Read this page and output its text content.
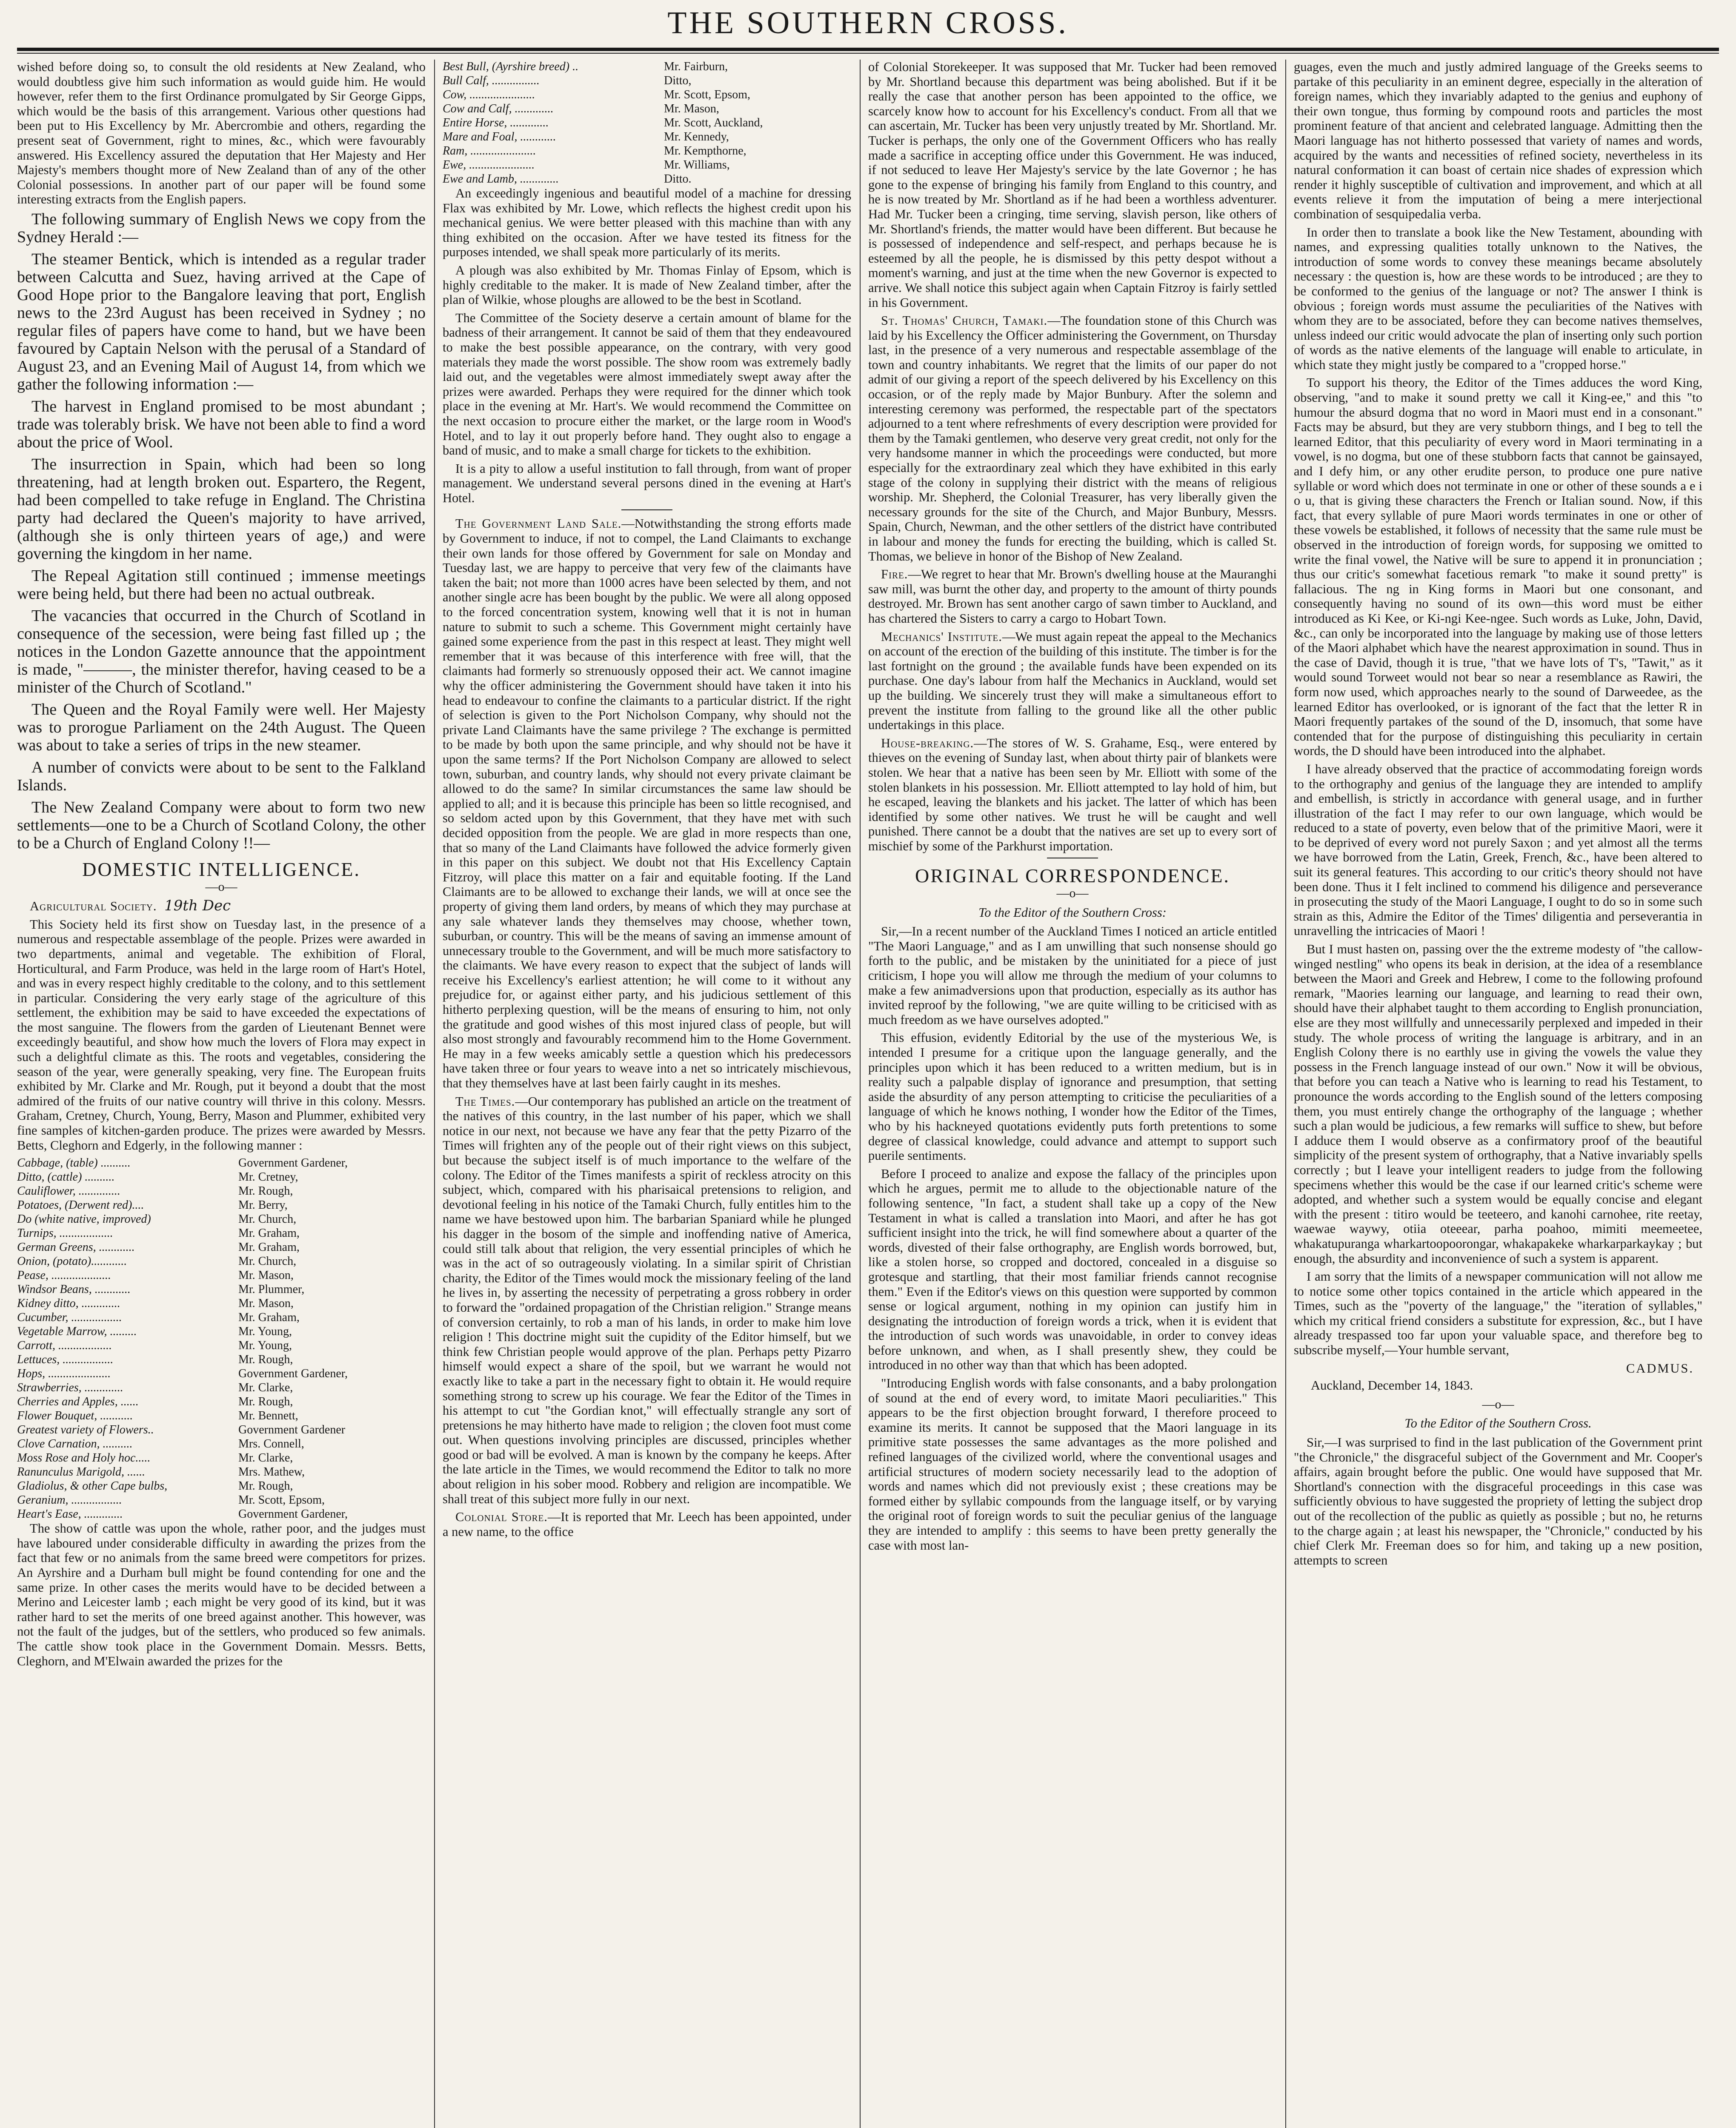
THE SOUTHERN CROSS.

wished before doing so, to consult the old residents at New Zealand, who would doubtless give him such information as would guide him. He would however, refer them to the first Ordinance promulgated by Sir George Gipps, which would be the basis of this arrangement. Various other questions had been put to His Excellency by Mr. Abercrombie and others, regarding the present seat of Government, right to mines, &c., which were favourably answered. His Excellency assured the deputation that Her Majesty and Her Majesty's members thought more of New Zealand than of any of the other Colonial possessions. In another part of our paper will be found some interesting extracts from the English papers.

The following summary of English News we copy from the Sydney Herald :—

The steamer Bentick, which is intended as a regular trader between Calcutta and Suez, having arrived at the Cape of Good Hope prior to the Bangalore leaving that port, English news to the 23rd August has been received in Sydney ; no regular files of papers have come to hand, but we have been favoured by Captain Nelson with the perusal of a Standard of August 23, and an Evening Mail of August 14, from which we gather the following information :—

The harvest in England promised to be most abundant ; trade was tolerably brisk. We have not been able to find a word about the price of Wool.

The insurrection in Spain, which had been so long threatening, had at length broken out. Espartero, the Regent, had been compelled to take refuge in England. The Christina party had declared the Queen's majority to have arrived, (although she is only thirteen years of age,) and were governing the kingdom in her name.

The Repeal Agitation still continued ; immense meetings were being held, but there had been no actual outbreak.

The vacancies that occurred in the Church of Scotland in consequence of the secession, were being fast filled up ; the notices in the London Gazette announce that the appointment is made, "———, the minister therefor, having ceased to be a minister of the Church of Scotland."

The Queen and the Royal Family were well. Her Majesty was to prorogue Parliament on the 24th August. The Queen was about to take a series of trips in the new steamer.

A number of convicts were about to be sent to the Falkland Islands.

The New Zealand Company were about to form two new settlements—one to be a Church of Scotland Colony, the other to be a Church of England Colony !!—

DOMESTIC INTELLIGENCE.
—o—

Agricultural Society. 19th Dec

This Society held its first show on Tuesday last, in the presence of a numerous and respectable assemblage of the people. Prizes were awarded in two departments, animal and vegetable. The exhibition of Floral, Horticultural, and Farm Produce, was held in the large room of Hart's Hotel, and was in every respect highly creditable to the colony, and to this settlement in particular. Considering the very early stage of the agriculture of this settlement, the exhibition may be said to have exceeded the expectations of the most sanguine. The flowers from the garden of Lieutenant Bennet were exceedingly beautiful, and show how much the lovers of Flora may expect in such a delightful climate as this. The roots and vegetables, considering the season of the year, were generally speaking, very fine. The European fruits exhibited by Mr. Clarke and Mr. Rough, put it beyond a doubt that the most admired of the fruits of our native country will thrive in this colony. Messrs. Graham, Cretney, Church, Young, Berry, Mason and Plummer, exhibited very fine samples of kitchen-garden produce. The prizes were awarded by Messrs. Betts, Cleghorn and Edgerly, in the following manner :

Cabbage, (table) ..........	Government Gardener,
Ditto, (cattle) ..........	Mr. Cretney,
Cauliflower, ..............	Mr. Rough,
Potatoes, (Derwent red)....	Mr. Berry,
Do (white native, improved)	Mr. Church,
Turnips, ..................	Mr. Graham,
German Greens, ............	Mr. Graham,
Onion, (potato)............	Mr. Church,
Pease, ....................	Mr. Mason,
Windsor Beans, ............	Mr. Plummer,
Kidney ditto, .............	Mr. Mason,
Cucumber, .................	Mr. Graham,
Vegetable Marrow, .........	Mr. Young,
Carrott, ..................	Mr. Young,
Lettuces, .................	Mr. Rough,
Hops, .....................	Government Gardener,
Strawberries, .............	Mr. Clarke,
Cherries and Apples, ......	Mr. Rough,
Flower Bouquet, ...........	Mr. Bennett,
Greatest variety of Flowers..	Government Gardener
Clove Carnation, ..........	Mrs. Connell,
Moss Rose and Holy hoc.....	Mr. Clarke,
Ranunculus Marigold, ......	Mrs. Mathew,
Gladiolus, & other Cape bulbs,	Mr. Rough,
Geranium, .................	Mr. Scott, Epsom,
Heart's Ease, .............	Government Gardener,

The show of cattle was upon the whole, rather poor, and the judges must have laboured under considerable difficulty in awarding the prizes from the fact that few or no animals from the same breed were competitors for prizes. An Ayrshire and a Durham bull might be found contending for one and the same prize. In other cases the merits would have to be decided between a Merino and Leicester lamb ; each might be very good of its kind, but it was rather hard to set the merits of one breed against another. This however, was not the fault of the judges, but of the settlers, who produced so few animals. The cattle show took place in the Government Domain. Messrs. Betts, Cleghorn, and M'Elwain awarded the prizes for the

Best Bull, (Ayrshire breed) ..	Mr. Fairburn,
Bull Calf, ................	Ditto,
Cow, ......................	Mr. Scott, Epsom,
Cow and Calf, .............	Mr. Mason,
Entire Horse, .............	Mr. Scott, Auckland,
Mare and Foal, ............	Mr. Kennedy,
Ram, ......................	Mr. Kempthorne,
Ewe, ......................	Mr. Williams,
Ewe and Lamb, .............	Ditto.

An exceedingly ingenious and beautiful model of a machine for dressing Flax was exhibited by Mr. Lowe, which reflects the highest credit upon his mechanical genius. We were better pleased with this machine than with any thing exhibited on the occasion. After we have tested its fitness for the purposes intended, we shall speak more particularly of its merits.

A plough was also exhibited by Mr. Thomas Finlay of Epsom, which is highly creditable to the maker. It is made of New Zealand timber, after the plan of Wilkie, whose ploughs are allowed to be the best in Scotland.

The Committee of the Society deserve a certain amount of blame for the badness of their arrangement. It cannot be said of them that they endeavoured to make the best possible appearance, on the contrary, with very good materials they made the worst possible. The show room was extremely badly laid out, and the vegetables were almost immediately swept away after the prizes were awarded. Perhaps they were required for the dinner which took place in the evening at Mr. Hart's. We would recommend the Committee on the next occasion to procure either the market, or the large room in Wood's Hotel, and to lay it out properly before hand. They ought also to engage a band of music, and to make a small charge for tickets to the exhibition.

It is a pity to allow a useful institution to fall through, from want of proper management. We understand several persons dined in the evening at Hart's Hotel.

The Government Land Sale.—Notwithstanding the strong efforts made by Government to induce, if not to compel, the Land Claimants to exchange their own lands for those offered by Government for sale on Monday and Tuesday last, we are happy to perceive that very few of the claimants have taken the bait; not more than 1000 acres have been selected by them, and not another single acre has been bought by the public. We were all along opposed to the forced concentration system, knowing well that it is not in human nature to submit to such a scheme. This Government might certainly have gained some experience from the past in this respect at least. They might well remember that it was because of this interference with free will, that the claimants had formerly so strenuously opposed their act. We cannot imagine why the officer administering the Government should have taken it into his head to endeavour to confine the claimants to a particular district. If the right of selection is given to the Port Nicholson Company, why should not the private Land Claimants have the same privilege ? The exchange is permitted to be made by both upon the same principle, and why should not be have it upon the same terms? If the Port Nicholson Company are allowed to select town, suburban, and country lands, why should not every private claimant be allowed to do the same? In similar circumstances the same law should be applied to all; and it is because this principle has been so little recognised, and so seldom acted upon by this Government, that they have met with such decided opposition from the people. We are glad in more respects than one, that so many of the Land Claimants have followed the advice formerly given in this paper on this subject. We doubt not that His Excellency Captain Fitzroy, will place this matter on a fair and equitable footing. If the Land Claimants are to be allowed to exchange their lands, we will at once see the property of giving them land orders, by means of which they may purchase at any sale whatever lands they themselves may choose, whether town, suburban, or country. This will be the means of saving an immense amount of unnecessary trouble to the Government, and will be much more satisfactory to the claimants. We have every reason to expect that the subject of lands will receive his Excellency's earliest attention; he will come to it without any prejudice for, or against either party, and his judicious settlement of this hitherto perplexing question, will be the means of ensuring to him, not only the gratitude and good wishes of this most injured class of people, but will also most strongly and favourably recommend him to the Home Government. He may in a few weeks amicably settle a question which his predecessors have taken three or four years to weave into a net so intricately mischievous, that they themselves have at last been fairly caught in its meshes.

The Times.—Our contemporary has published an article on the treatment of the natives of this country, in the last number of his paper, which we shall notice in our next, not because we have any fear that the petty Pizarro of the Times will frighten any of the people out of their right views on this subject, but because the subject itself is of much importance to the welfare of the colony. The Editor of the Times manifests a spirit of reckless atrocity on this subject, which, compared with his pharisaical pretensions to religion, and devotional feeling in his notice of the Tamaki Church, fully entitles him to the name we have bestowed upon him. The barbarian Spaniard while he plunged his dagger in the bosom of the simple and inoffending native of America, could still talk about that religion, the very essential principles of which he was in the act of so outrageously violating. In a similar spirit of Christian charity, the Editor of the Times would mock the missionary feeling of the land he lives in, by asserting the necessity of perpetrating a gross robbery in order to forward the "ordained propagation of the Christian religion." Strange means of conversion certainly, to rob a man of his lands, in order to make him love religion ! This doctrine might suit the cupidity of the Editor himself, but we think few Christian people would approve of the plan. Perhaps petty Pizarro himself would expect a share of the spoil, but we warrant he would not exactly like to take a part in the necessary fight to obtain it. He would require something strong to screw up his courage. We fear the Editor of the Times in his attempt to cut "the Gordian knot," will effectually strangle any sort of pretensions he may hitherto have made to religion ; the cloven foot must come out. When questions involving principles are discussed, principles whether good or bad will be evolved. A man is known by the company he keeps. After the late article in the Times, we would recommend the Editor to talk no more about religion in his sober mood. Robbery and religion are incompatible. We shall treat of this subject more fully in our next.

Colonial Store.—It is reported that Mr. Leech has been appointed, under a new name, to the office

of Colonial Storekeeper. It was supposed that Mr. Tucker had been removed by Mr. Shortland because this department was being abolished. But if it be really the case that another person has been appointed to the office, we scarcely know how to account for his Excellency's conduct. From all that we can ascertain, Mr. Tucker has been very unjustly treated by Mr. Shortland. Mr. Tucker is perhaps, the only one of the Government Officers who has really made a sacrifice in accepting office under this Government. He was induced, if not seduced to leave Her Majesty's service by the late Governor ; he has gone to the expense of bringing his family from England to this country, and he is now treated by Mr. Shortland as if he had been a worthless adventurer. Had Mr. Tucker been a cringing, time serving, slavish person, like others of Mr. Shortland's friends, the matter would have been different. But because he is possessed of independence and self-respect, and perhaps because he is esteemed by all the people, he is dismissed by this petty despot without a moment's warning, and just at the time when the new Governor is expected to arrive. We shall notice this subject again when Captain Fitzroy is fairly settled in his Government.

St. Thomas' Church, Tamaki.—The foundation stone of this Church was laid by his Excellency the Officer administering the Government, on Thursday last, in the presence of a very numerous and respectable assemblage of the town and country inhabitants. We regret that the limits of our paper do not admit of our giving a report of the speech delivered by his Excellency on this occasion, or of the reply made by Major Bunbury. After the solemn and interesting ceremony was performed, the respectable part of the spectators adjourned to a tent where refreshments of every description were provided for them by the Tamaki gentlemen, who deserve very great credit, not only for the very handsome manner in which the proceedings were conducted, but more especially for the extraordinary zeal which they have exhibited in this early stage of the colony in supplying their district with the means of religious worship. Mr. Shepherd, the Colonial Treasurer, has very liberally given the necessary grounds for the site of the Church, and Major Bunbury, Messrs. Spain, Church, Newman, and the other settlers of the district have contributed in labour and money the funds for erecting the building, which is called St. Thomas, we believe in honor of the Bishop of New Zealand.

Fire.—We regret to hear that Mr. Brown's dwelling house at the Mauranghi saw mill, was burnt the other day, and property to the amount of thirty pounds destroyed. Mr. Brown has sent another cargo of sawn timber to Auckland, and has chartered the Sisters to carry a cargo to Hobart Town.

Mechanics' Institute.—We must again repeat the appeal to the Mechanics on account of the erection of the building of this institute. The timber is for the last fortnight on the ground ; the available funds have been expended on its purchase. One day's labour from half the Mechanics in Auckland, would set up the building. We sincerely trust they will make a simultaneous effort to prevent the institute from falling to the ground like all the other public undertakings in this place.

House-breaking.—The stores of W. S. Grahame, Esq., were entered by thieves on the evening of Sunday last, when about thirty pair of blankets were stolen. We hear that a native has been seen by Mr. Elliott with some of the stolen blankets in his possession. Mr. Elliott attempted to lay hold of him, but he escaped, leaving the blankets and his jacket. The latter of which has been identified by some other natives. We trust he will be caught and well punished. There cannot be a doubt that the natives are set up to every sort of mischief by some of the Parkhurst importation.

ORIGINAL CORRESPONDENCE.
—o—
To the Editor of the Southern Cross:

Sir,—In a recent number of the Auckland Times I noticed an article entitled "The Maori Language," and as I am unwilling that such nonsense should go forth to the public, and be mistaken by the uninitiated for a piece of just criticism, I hope you will allow me through the medium of your columns to make a few animadversions upon that production, especially as its author has invited reproof by the following, "we are quite willing to be criticised with as much freedom as we have ourselves adopted."

This effusion, evidently Editorial by the use of the mysterious We, is intended I presume for a critique upon the language generally, and the principles upon which it has been reduced to a written medium, but is in reality such a palpable display of ignorance and presumption, that setting aside the absurdity of any person attempting to criticise the peculiarities of a language of which he knows nothing, I wonder how the Editor of the Times, who by his hackneyed quotations evidently puts forth pretentions to some degree of classical knowledge, could advance and attempt to support such puerile sentiments.

Before I proceed to analize and expose the fallacy of the principles upon which he argues, permit me to allude to the objectionable nature of the following sentence, "In fact, a student shall take up a copy of the New Testament in what is called a translation into Maori, and after he has got sufficient insight into the trick, he will find somewhere about a quarter of the words, divested of their false orthography, are English words borrowed, but, like a stolen horse, so cropped and doctored, concealed in a disguise so grotesque and startling, that their most familiar friends cannot recognise them." Even if the Editor's views on this question were supported by common sense or logical argument, nothing in my opinion can justify him in designating the introduction of foreign words a trick, when it is evident that the introduction of such words was unavoidable, in order to convey ideas before unknown, and when, as I shall presently shew, they could be introduced in no other way than that which has been adopted.

"Introducing English words with false consonants, and a baby prolongation of sound at the end of every word, to imitate Maori peculiarities." This appears to be the first objection brought forward, I therefore proceed to examine its merits. It cannot be supposed that the Maori language in its primitive state possesses the same advantages as the more polished and refined languages of the civilized world, where the conventional usages and artificial structures of modern society necessarily lead to the adoption of words and names which did not previously exist ; these creations may be formed either by syllabic compounds from the language itself, or by varying the original root of foreign words to suit the peculiar genius of the language they are intended to amplify : this seems to have been pretty generally the case with most lan-

guages, even the much and justly admired language of the Greeks seems to partake of this peculiarity in an eminent degree, especially in the alteration of foreign names, which they invariably adapted to the genius and euphony of their own tongue, thus forming by compound roots and particles the most prominent feature of that ancient and celebrated language. Admitting then the Maori language has not hitherto possessed that variety of names and words, acquired by the wants and necessities of refined society, nevertheless in its natural conformation it can boast of certain nice shades of expression which render it highly susceptible of cultivation and improvement, and which at all events relieve it from the imputation of being a mere interjectional combination of sesquipedalia verba.

In order then to translate a book like the New Testament, abounding with names, and expressing qualities totally unknown to the Natives, the introduction of some words to convey these meanings became absolutely necessary : the question is, how are these words to be introduced ; are they to be conformed to the genius of the language or not? The answer I think is obvious ; foreign words must assume the peculiarities of the Natives with whom they are to be associated, before they can become natives themselves, unless indeed our critic would advocate the plan of inserting only such portion of words as the native elements of the language will enable to articulate, in which state they might justly be compared to a "cropped horse."

To support his theory, the Editor of the Times adduces the word King, observing, "and to make it sound pretty we call it King-ee," and this "to humour the absurd dogma that no word in Maori must end in a consonant." Facts may be absurd, but they are very stubborn things, and I beg to tell the learned Editor, that this peculiarity of every word in Maori terminating in a vowel, is no dogma, but one of these stubborn facts that cannot be gainsayed, and I defy him, or any other erudite person, to produce one pure native syllable or word which does not terminate in one or other of these sounds a e i o u, that is giving these characters the French or Italian sound. Now, if this fact, that every syllable of pure Maori words terminates in one or other of these vowels be established, it follows of necessity that the same rule must be observed in the introduction of foreign words, for supposing we omitted to write the final vowel, the Native will be sure to append it in pronunciation ; thus our critic's somewhat facetious remark "to make it sound pretty" is fallacious. The ng in King forms in Maori but one consonant, and consequently having no sound of its own—this word must be either introduced as Ki Kee, or Ki-ngi Kee-ngee. Such words as Luke, John, David, &c., can only be incorporated into the language by making use of those letters of the Maori alphabet which have the nearest approximation in sound. Thus in the case of David, though it is true, "that we have lots of T's, "Tawit," as it would sound Torweet would not bear so near a resemblance as Rawiri, the form now used, which approaches nearly to the sound of Darweedee, as the learned Editor has overlooked, or is ignorant of the fact that the letter R in Maori frequently partakes of the sound of the D, insomuch, that some have contended that for the purpose of distinguishing this peculiarity in certain words, the D should have been introduced into the alphabet.

I have already observed that the practice of accommodating foreign words to the orthography and genius of the language they are intended to amplify and embellish, is strictly in accordance with general usage, and in further illustration of the fact I may refer to our own language, which would be reduced to a state of poverty, even below that of the primitive Maori, were it to be deprived of every word not purely Saxon ; and yet almost all the terms we have borrowed from the Latin, Greek, French, &c., have been altered to suit its general features. This according to our critic's theory should not have been done. Thus it I felt inclined to commend his diligence and perseverance in prosecuting the study of the Maori Language, I ought to do so in some such strain as this, Admire the Editor of the Times' diligentia and perseverantia in unravelling the intricacies of Maori !

But I must hasten on, passing over the the extreme modesty of "the callow-winged nestling" who opens its beak in derision, at the idea of a resemblance between the Maori and Greek and Hebrew, I come to the following profound remark, "Maories learning our language, and learning to read their own, should have their alphabet taught to them according to English pronunciation, else are they most willfully and unnecessarily perplexed and impeded in their study. The whole process of writing the language is arbitrary, and in an English Colony there is no earthly use in giving the vowels the value they possess in the French language instead of our own." Now it will be obvious, that before you can teach a Native who is learning to read his Testament, to pronounce the words according to the English sound of the letters composing them, you must entirely change the orthography of the language ; whether such a plan would be judicious, a few remarks will suffice to shew, but before I adduce them I would observe as a confirmatory proof of the beautiful simplicity of the present system of orthography, that a Native invariably spells correctly ; but I leave your intelligent readers to judge from the following specimens whether this would be the case if our learned critic's scheme were adopted, and whether such a system would be equally concise and elegant with the present : titiro would be teeteero, and kanohi carnohee, rite reetay, waewae waywy, otiia oteeear, parha poahoo, mimiti meemeetee, whakatupuranga wharkartoopoorongar, whakapakeke wharkarparkaykay ; but enough, the absurdity and inconvenience of such a system is apparent.

I am sorry that the limits of a newspaper communication will not allow me to notice some other topics contained in the article which appeared in the Times, such as the "poverty of the language," the "iteration of syllables," which my critical friend considers a substitute for expression, &c., but I have already trespassed too far upon your valuable space, and therefore beg to subscribe myself,—Your humble servant,

CADMUS.
Auckland, December 14, 1843.
—o—
To the Editor of the Southern Cross.

Sir,—I was surprised to find in the last publication of the Government print "the Chronicle," the disgraceful subject of the Government and Mr. Cooper's affairs, again brought before the public. One would have supposed that Mr. Shortland's connection with the disgraceful proceedings in this case was sufficiently obvious to have suggested the propriety of letting the subject drop out of the recollection of the public as quietly as possible ; but no, he returns to the charge again ; at least his newspaper, the "Chronicle," conducted by his chief Clerk Mr. Freeman does so for him, and taking up a new position, attempts to screen
